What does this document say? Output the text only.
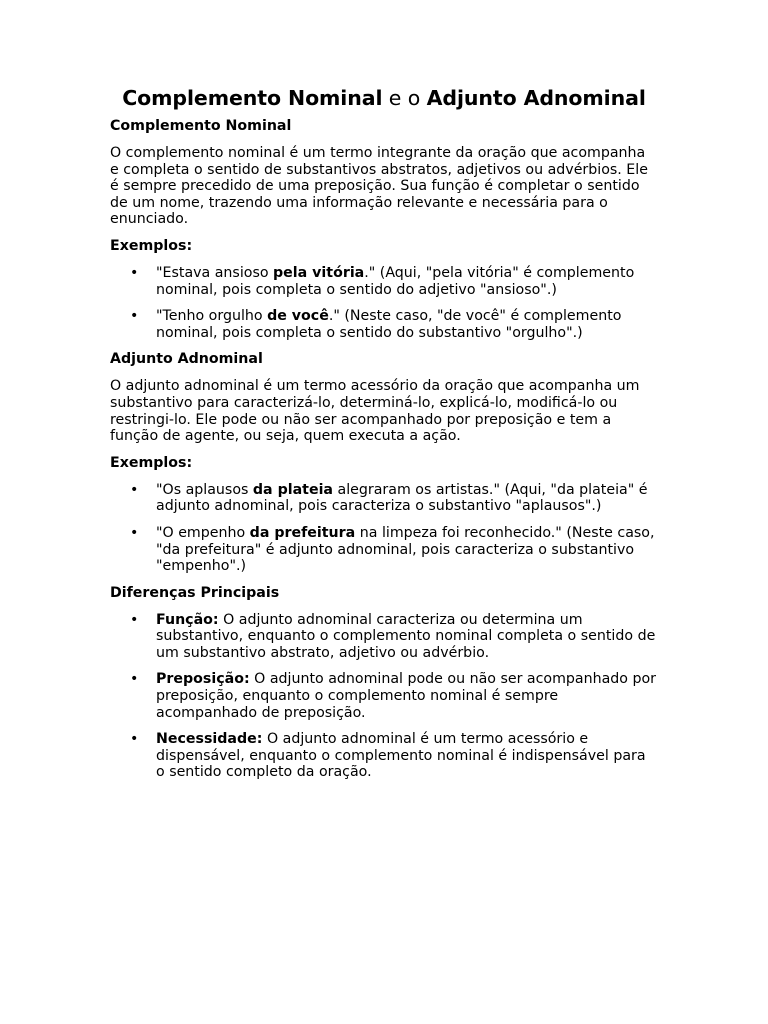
Complemento Nominal e o Adjunto Adnominal
Complemento Nominal

O complemento nominal é um termo integrante da oração que acompanha e completa o sentido de substantivos abstratos, adjetivos ou advérbios. Ele é sempre precedido de uma preposição. Sua função é completar o sentido de um nome, trazendo uma informação relevante e necessária para o enunciado.

Exemplos:
• "Estava ansioso pela vitória." (Aqui, "pela vitória" é complemento nominal, pois completa o sentido do adjetivo "ansioso".)
• "Tenho orgulho de você." (Neste caso, "de você" é complemento nominal, pois completa o sentido do substantivo "orgulho".)
Adjunto Adnominal

O adjunto adnominal é um termo acessório da oração que acompanha um substantivo para caracterizá-lo, determiná-lo, explicá-lo, modificá-lo ou restringi-lo. Ele pode ou não ser acompanhado por preposição e tem a função de agente, ou seja, quem executa a ação.

Exemplos:
• "Os aplausos da plateia alegraram os artistas." (Aqui, "da plateia" é adjunto adnominal, pois caracteriza o substantivo "aplausos".)
• "O empenho da prefeitura na limpeza foi reconhecido." (Neste caso, "da prefeitura" é adjunto adnominal, pois caracteriza o substantivo "empenho".)
Diferenças Principais
• Função: O adjunto adnominal caracteriza ou determina um substantivo, enquanto o complemento nominal completa o sentido de um substantivo abstrato, adjetivo ou advérbio.
• Preposição: O adjunto adnominal pode ou não ser acompanhado por preposição, enquanto o complemento nominal é sempre acompanhado de preposição.
• Necessidade: O adjunto adnominal é um termo acessório e dispensável, enquanto o complemento nominal é indispensável para o sentido completo da oração.
